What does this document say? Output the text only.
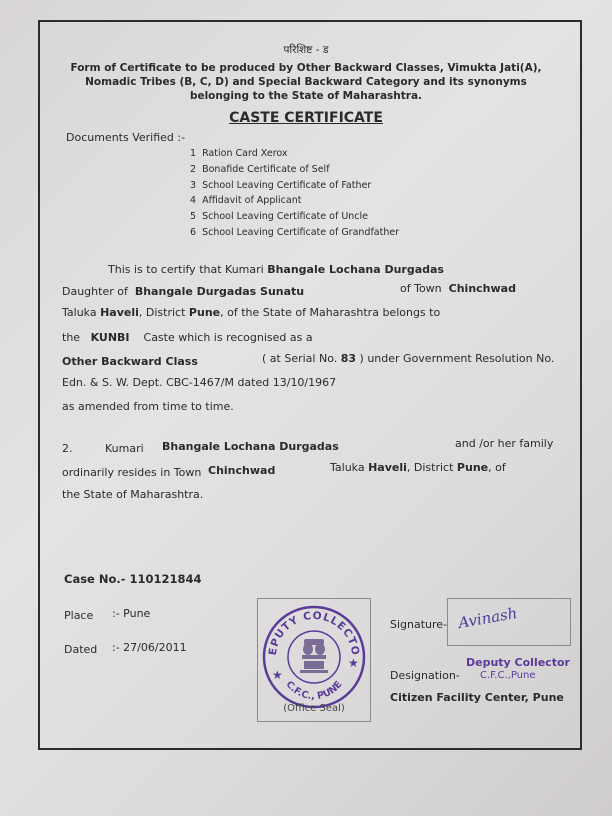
परिशिष्ट - ड
Form of Certificate to be produced by Other Backward Classes, Vimukta Jati(A),
Nomadic Tribes (B, C, D) and Special Backward Category and its synonyms
belonging to the State of Maharashtra.
CASTE CERTIFICATE
Documents Verified :-
1 Ration Card Xerox
2 Bonafide Certificate of Self
3 School Leaving Certificate of Father
4 Affidavit of Applicant
5 School Leaving Certificate of Uncle
6 School Leaving Certificate of Grandfather
This is to certify that Kumari Bhangale Lochana Durgadas
Daughter of Bhangale Durgadas Sunatu	of Town Chinchwad
Taluka Haveli, District Pune, of the State of Maharashtra belongs to
the KUNBI Caste which is recognised as a
Other Backward Class	( at Serial No. 83 ) under Government Resolution No.
Edn. & S. W. Dept. CBC-1467/M dated 13/10/1967
as amended from time to time.
2.	Kumari Bhangale Lochana Durgadas	and /or her family
ordinarily resides in Town Chinchwad	Taluka Haveli, District Pune, of
the State of Maharashtra.
Case No.- 110121844
Place :- Pune
Dated :- 27/06/2011	EPUTY COLLECTO
C.F.C., PUNE
★
★
(Office Seal)
Signature- Avinash
Deputy Collector
C.F.C.,Pune
Designation-
Citizen Facility Center, Pune
